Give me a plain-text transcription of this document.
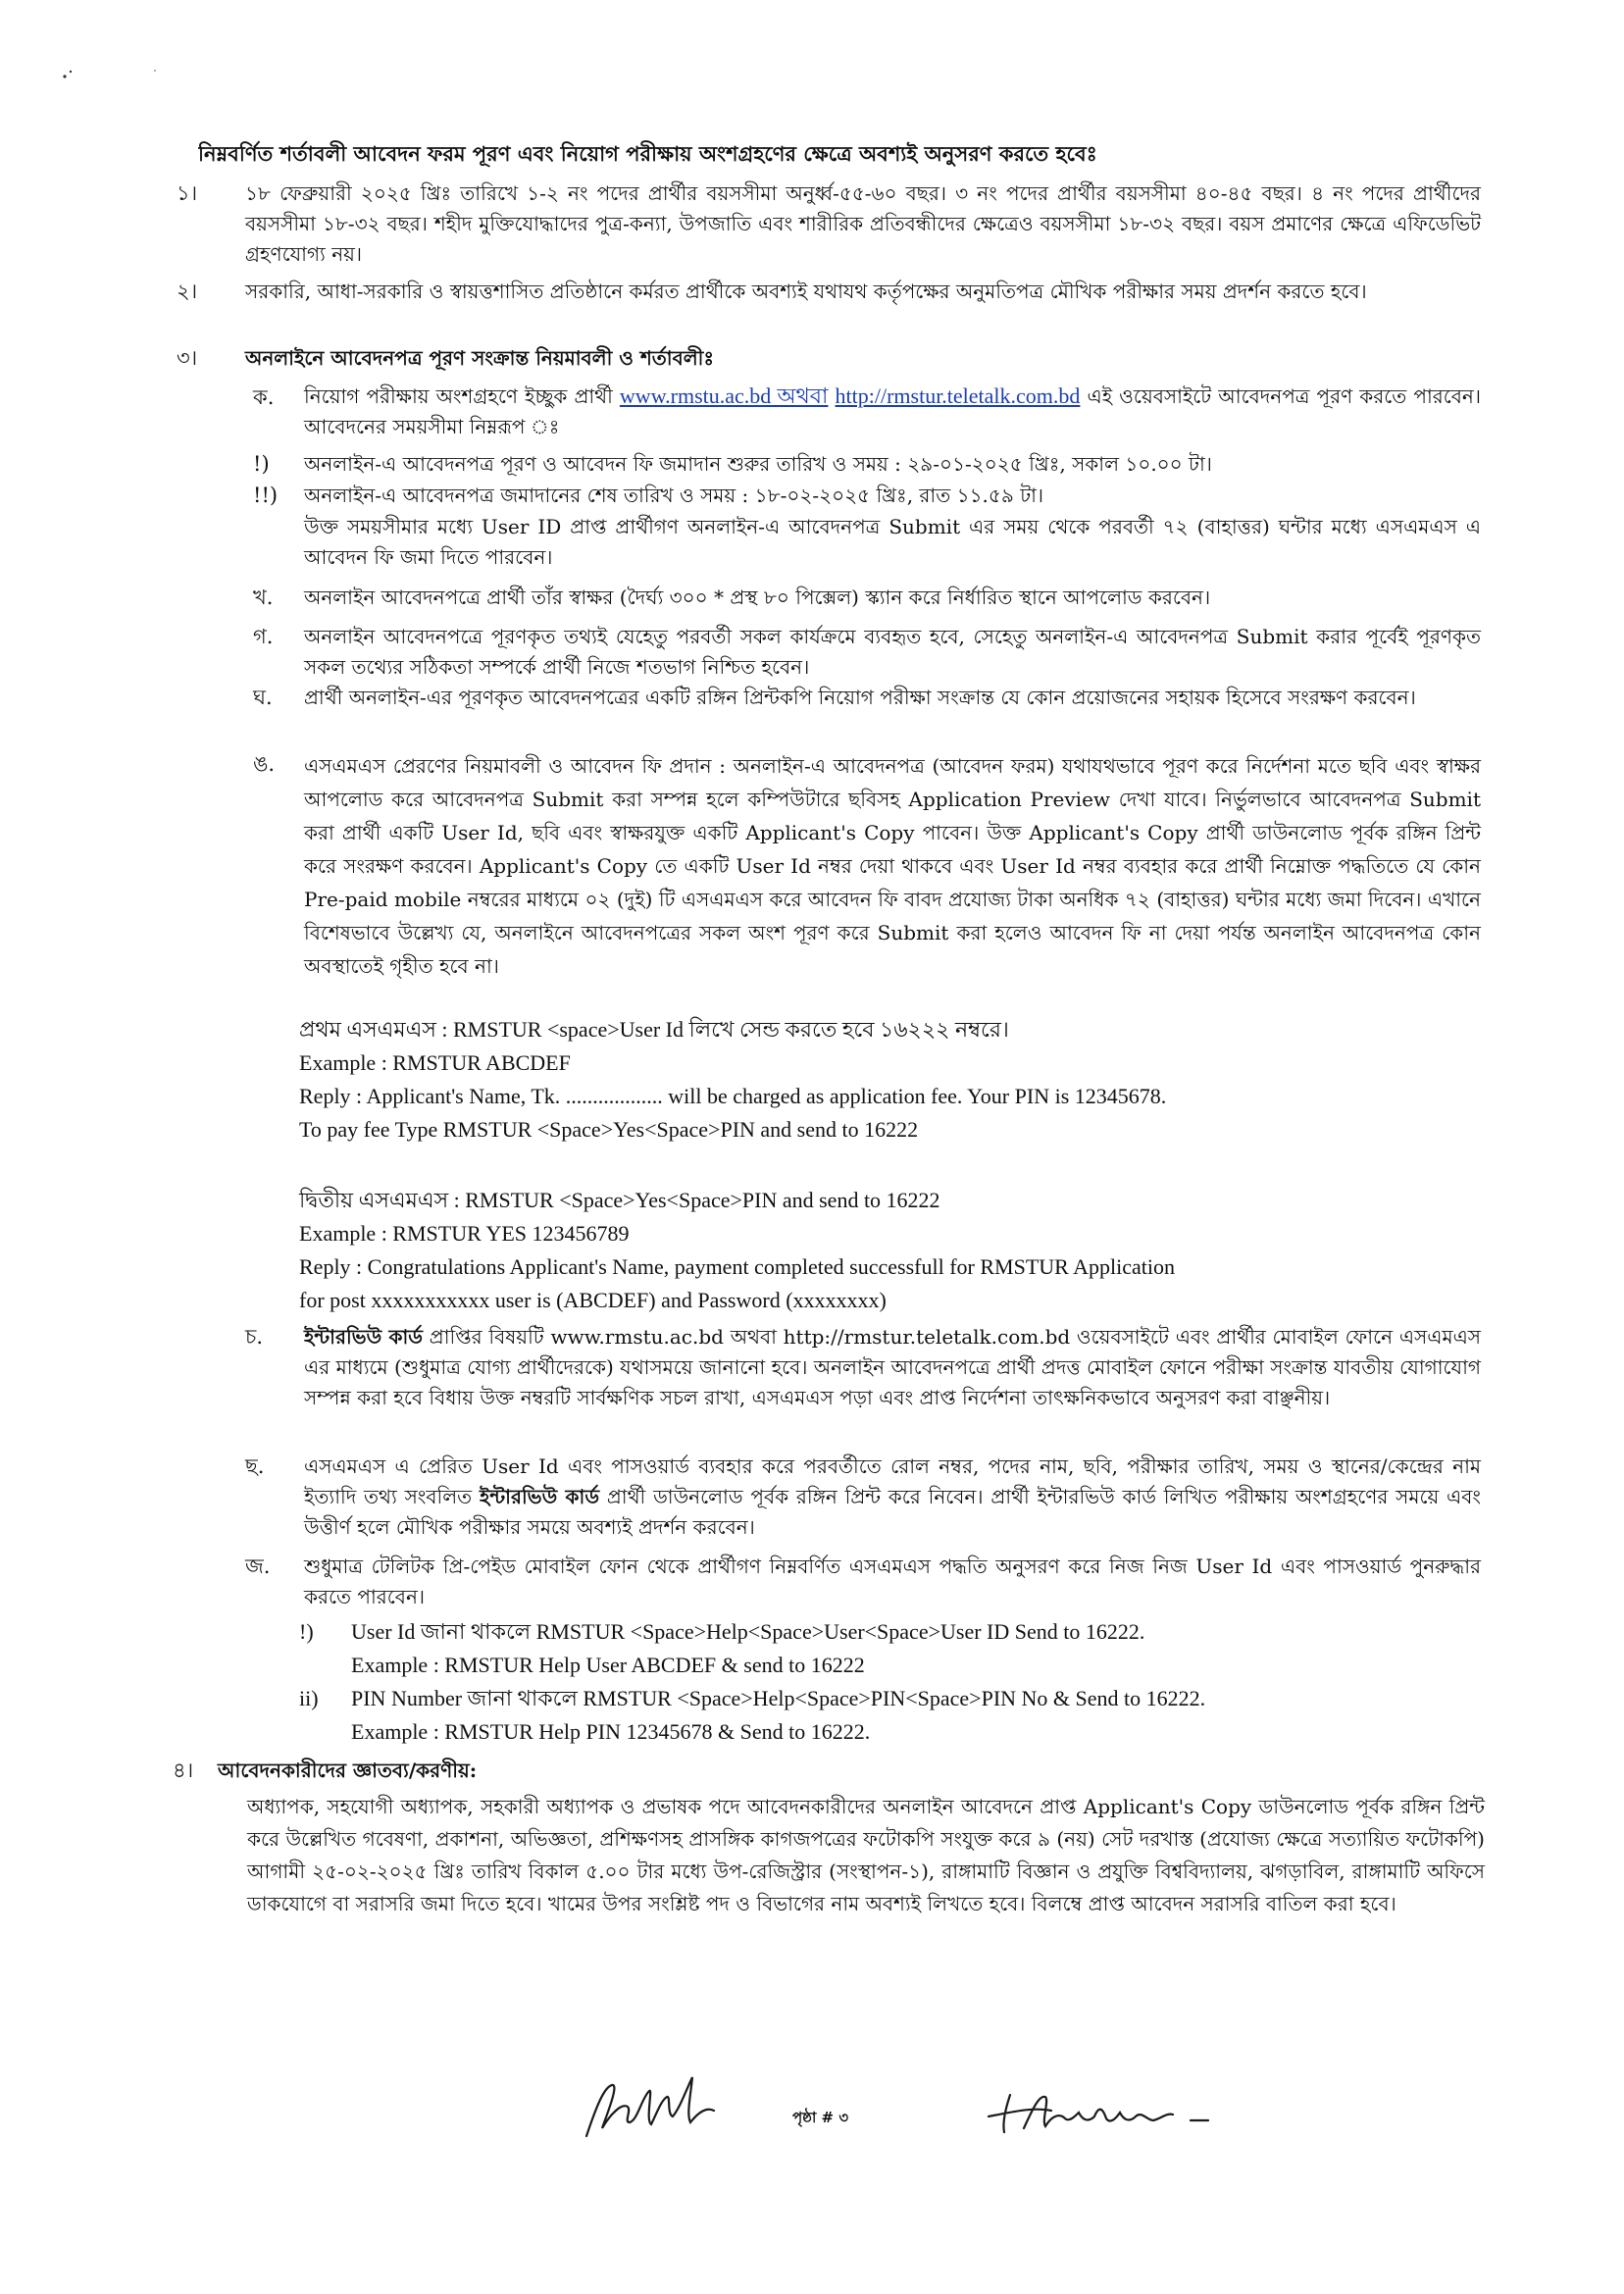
নিম্নবর্ণিত শর্তাবলী আবেদন ফরম পূরণ এবং নিয়োগ পরীক্ষায় অংশগ্রহণের ক্ষেত্রে অবশ্যই অনুসরণ করতে হবেঃ
১। ১৮ ফেব্রুয়ারী ২০২৫ খ্রিঃ তারিখে ১-২ নং পদের প্রার্থীর বয়সসীমা অনুর্ধ্ব-৫৫-৬০ বছর। ৩ নং পদের প্রার্থীর বয়সসীমা ৪০-৪৫ বছর। ৪ নং পদের প্রার্থীদের বয়সসীমা ১৮-৩২ বছর। শহীদ মুক্তিযোদ্ধাদের পুত্র-কন্যা, উপজাতি এবং শারীরিক প্রতিবন্ধীদের ক্ষেত্রেও বয়সসীমা ১৮-৩২ বছর। বয়স প্রমাণের ক্ষেত্রে এফিডেভিট গ্রহণযোগ্য নয়।
২। সরকারি, আধা-সরকারি ও স্বায়ত্তশাসিত প্রতিষ্ঠানে কর্মরত প্রার্থীকে অবশ্যই যথাযথ কর্তৃপক্ষের অনুমতিপত্র মৌখিক পরীক্ষার সময় প্রদর্শন করতে হবে।
৩। অনলাইনে আবেদনপত্র পূরণ সংক্রান্ত নিয়মাবলী ও শর্তাবলীঃ
ক. নিয়োগ পরীক্ষায় অংশগ্রহণে ইচ্ছুক প্রার্থী www.rmstu.ac.bd অথবা http://rmstur.teletalk.com.bd এই ওয়েবসাইটে আবেদনপত্র পূরণ করতে পারবেন। আবেদনের সময়সীমা নিম্নরূপ ঃ
!) অনলাইন-এ আবেদনপত্র পূরণ ও আবেদন ফি জমাদান শুরুর তারিখ ও সময় : ২৯-০১-২০২৫ খ্রিঃ, সকাল ১০.০০ টা।
!!) অনলাইন-এ আবেদনপত্র জমাদানের শেষ তারিখ ও সময় : ১৮-০২-২০২৫ খ্রিঃ, রাত ১১.৫৯ টা।
উক্ত সময়সীমার মধ্যে User ID প্রাপ্ত প্রার্থীগণ অনলাইন-এ আবেদনপত্র Submit এর সময় থেকে পরবর্তী ৭২ (বাহাত্তর) ঘন্টার মধ্যে এসএমএস এ আবেদন ফি জমা দিতে পারবেন।
খ. অনলাইন আবেদনপত্রে প্রার্থী তাঁর স্বাক্ষর (দৈর্ঘ্য ৩০০ * প্রস্থ ৮০ পিক্সেল) স্ক্যান করে নির্ধারিত স্থানে আপলোড করবেন।
গ. অনলাইন আবেদনপত্রে পূরণকৃত তথ্যই যেহেতু পরবর্তী সকল কার্যক্রমে ব্যবহৃত হবে, সেহেতু অনলাইন-এ আবেদনপত্র Submit করার পূর্বেই পূরণকৃত সকল তথ্যের সঠিকতা সম্পর্কে প্রার্থী নিজে শতভাগ নিশ্চিত হবেন।
ঘ. প্রার্থী অনলাইন-এর পূরণকৃত আবেদনপত্রের একটি রঙ্গিন প্রিন্টকপি নিয়োগ পরীক্ষা সংক্রান্ত যে কোন প্রয়োজনের সহায়ক হিসেবে সংরক্ষণ করবেন।
ঙ. এসএমএস প্রেরণের নিয়মাবলী ও আবেদন ফি প্রদান : অনলাইন-এ আবেদনপত্র (আবেদন ফরম) যথাযথভাবে পূরণ করে নির্দেশনা মতে ছবি এবং স্বাক্ষর আপলোড করে আবেদনপত্র Submit করা সম্পন্ন হলে কম্পিউটারে ছবিসহ Application Preview দেখা যাবে। নির্ভুলভাবে আবেদনপত্র Submit করা প্রার্থী একটি User Id, ছবি এবং স্বাক্ষরযুক্ত একটি Applicant's Copy পাবেন। উক্ত Applicant's Copy প্রার্থী ডাউনলোড পূর্বক রঙ্গিন প্রিন্ট করে সংরক্ষণ করবেন। Applicant's Copy তে একটি User Id নম্বর দেয়া থাকবে এবং User Id নম্বর ব্যবহার করে প্রার্থী নিম্নোক্ত পদ্ধতিতে যে কোন Pre-paid mobile নম্বরের মাধ্যমে ০২ (দুই) টি এসএমএস করে আবেদন ফি বাবদ প্রযোজ্য টাকা অনধিক ৭২ (বাহাত্তর) ঘন্টার মধ্যে জমা দিবেন। এখানে বিশেষভাবে উল্লেখ্য যে, অনলাইনে আবেদনপত্রের সকল অংশ পূরণ করে Submit করা হলেও আবেদন ফি না দেয়া পর্যন্ত অনলাইন আবেদনপত্র কোন অবস্থাতেই গৃহীত হবে না।
প্রথম এসএমএস : RMSTUR <space>User Id লিখে সেন্ড করতে হবে ১৬২২২ নম্বরে।
Example : RMSTUR ABCDEF
Reply : Applicant's Name, Tk. .................. will be charged as application fee. Your PIN is 12345678.
To pay fee Type RMSTUR <Space>Yes<Space>PIN and send to 16222
দ্বিতীয় এসএমএস : RMSTUR <Space>Yes<Space>PIN and send to 16222
Example : RMSTUR YES 123456789
Reply : Congratulations Applicant's Name, payment completed successfull for RMSTUR Application
for post xxxxxxxxxxx user is (ABCDEF) and Password (xxxxxxxx)
চ. ইন্টারভিউ কার্ড প্রাপ্তির বিষয়টি www.rmstu.ac.bd অথবা http://rmstur.teletalk.com.bd ওয়েবসাইটে এবং প্রার্থীর মোবাইল ফোনে এসএমএস এর মাধ্যমে (শুধুমাত্র যোগ্য প্রার্থীদেরকে) যথাসময়ে জানানো হবে। অনলাইন আবেদনপত্রে প্রার্থী প্রদত্ত মোবাইল ফোনে পরীক্ষা সংক্রান্ত যাবতীয় যোগাযোগ সম্পন্ন করা হবে বিধায় উক্ত নম্বরটি সার্বক্ষণিক সচল রাখা, এসএমএস পড়া এবং প্রাপ্ত নির্দেশনা তাৎক্ষনিকভাবে অনুসরণ করা বাঞ্ছনীয়।
ছ. এসএমএস এ প্রেরিত User Id এবং পাসওয়ার্ড ব্যবহার করে পরবর্তীতে রোল নম্বর, পদের নাম, ছবি, পরীক্ষার তারিখ, সময় ও স্থানের/কেন্দ্রের নাম ইত্যাদি তথ্য সংবলিত ইন্টারভিউ কার্ড প্রার্থী ডাউনলোড পূর্বক রঙ্গিন প্রিন্ট করে নিবেন। প্রার্থী ইন্টারভিউ কার্ড লিখিত পরীক্ষায় অংশগ্রহণের সময়ে এবং উত্তীর্ণ হলে মৌখিক পরীক্ষার সময়ে অবশ্যই প্রদর্শন করবেন।
জ. শুধুমাত্র টেলিটক প্রি-পেইড মোবাইল ফোন থেকে প্রার্থীগণ নিম্নবর্ণিত এসএমএস পদ্ধতি অনুসরণ করে নিজ নিজ User Id এবং পাসওয়ার্ড পুনরুদ্ধার করতে পারবেন।
!) User Id জানা থাকলে RMSTUR <Space>Help<Space>User<Space>User ID Send to 16222.
Example : RMSTUR Help User ABCDEF & send to 16222
ii) PIN Number জানা থাকলে RMSTUR <Space>Help<Space>PIN<Space>PIN No & Send to 16222.
Example : RMSTUR Help PIN 12345678 & Send to 16222.
৪। আবেদনকারীদের জ্ঞাতব্য/করণীয়:
অধ্যাপক, সহযোগী অধ্যাপক, সহকারী অধ্যাপক ও প্রভাষক পদে আবেদনকারীদের অনলাইন আবেদনে প্রাপ্ত Applicant's Copy ডাউনলোড পূর্বক রঙ্গিন প্রিন্ট করে উল্লেখিত গবেষণা, প্রকাশনা, অভিজ্ঞতা, প্রশিক্ষণসহ প্রাসঙ্গিক কাগজপত্রের ফটোকপি সংযুক্ত করে ৯ (নয়) সেট দরখাস্ত (প্রযোজ্য ক্ষেত্রে সত্যায়িত ফটোকপি) আগামী ২৫-০২-২০২৫ খ্রিঃ তারিখ বিকাল ৫.০০ টার মধ্যে উপ-রেজিস্ট্রার (সংস্থাপন-১), রাঙ্গামাটি বিজ্ঞান ও প্রযুক্তি বিশ্ববিদ্যালয়, ঝগড়াবিল, রাঙ্গামাটি অফিসে ডাকযোগে বা সরাসরি জমা দিতে হবে। খামের উপর সংশ্লিষ্ট পদ ও বিভাগের নাম অবশ্যই লিখতে হবে। বিলম্বে প্রাপ্ত আবেদন সরাসরি বাতিল করা হবে।
পৃষ্ঠা # ৩
